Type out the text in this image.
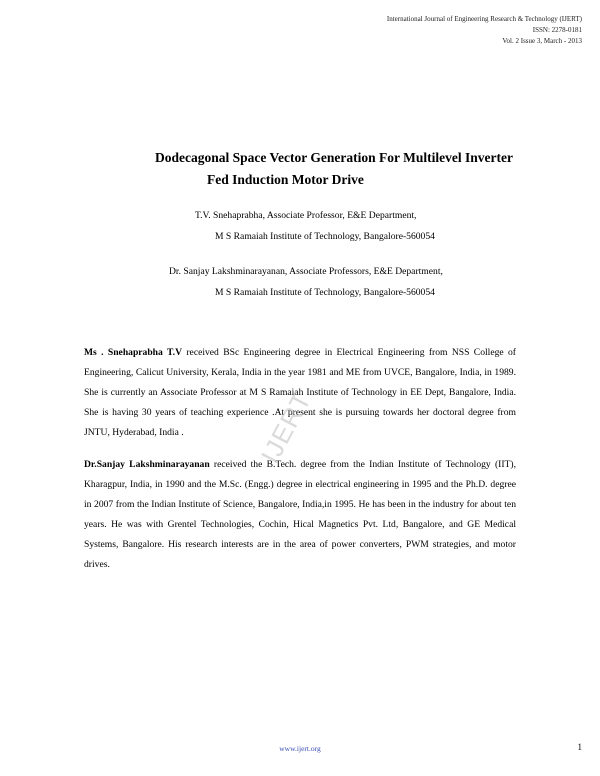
International Journal of Engineering Research & Technology (IJERT)
ISSN: 2278-0181
Vol. 2 Issue 3, March - 2013
Dodecagonal Space Vector Generation For Multilevel Inverter
Fed Induction Motor Drive
T.V. Snehaprabha, Associate Professor, E&E Department,
M S Ramaiah Institute of Technology, Bangalore-560054
Dr. Sanjay Lakshminarayanan, Associate Professors, E&E Department,
M S Ramaiah Institute of Technology, Bangalore-560054
Ms . Snehaprabha T.V received BSc Engineering degree in Electrical Engineering from NSS College of Engineering, Calicut University, Kerala, India in the year 1981 and ME from UVCE, Bangalore, India, in 1989. She is currently an Associate Professor at M S Ramaiah Institute of Technology in EE Dept, Bangalore, India. She is having 30 years of teaching experience .At present she is pursuing towards her doctoral degree from JNTU, Hyderabad, India .
Dr.Sanjay Lakshminarayanan received the B.Tech. degree from the Indian Institute of Technology (IIT), Kharagpur, India, in 1990 and the M.Sc. (Engg.) degree in electrical engineering in 1995 and the Ph.D. degree in 2007 from the Indian Institute of Science, Bangalore, India,in 1995. He has been in the industry for about ten years. He was with Grentel Technologies, Cochin, Hical Magnetics Pvt. Ltd, Bangalore, and GE Medical Systems, Bangalore. His research interests are in the area of power converters, PWM strategies, and motor drives.
IJERT
www.ijert.org	1
